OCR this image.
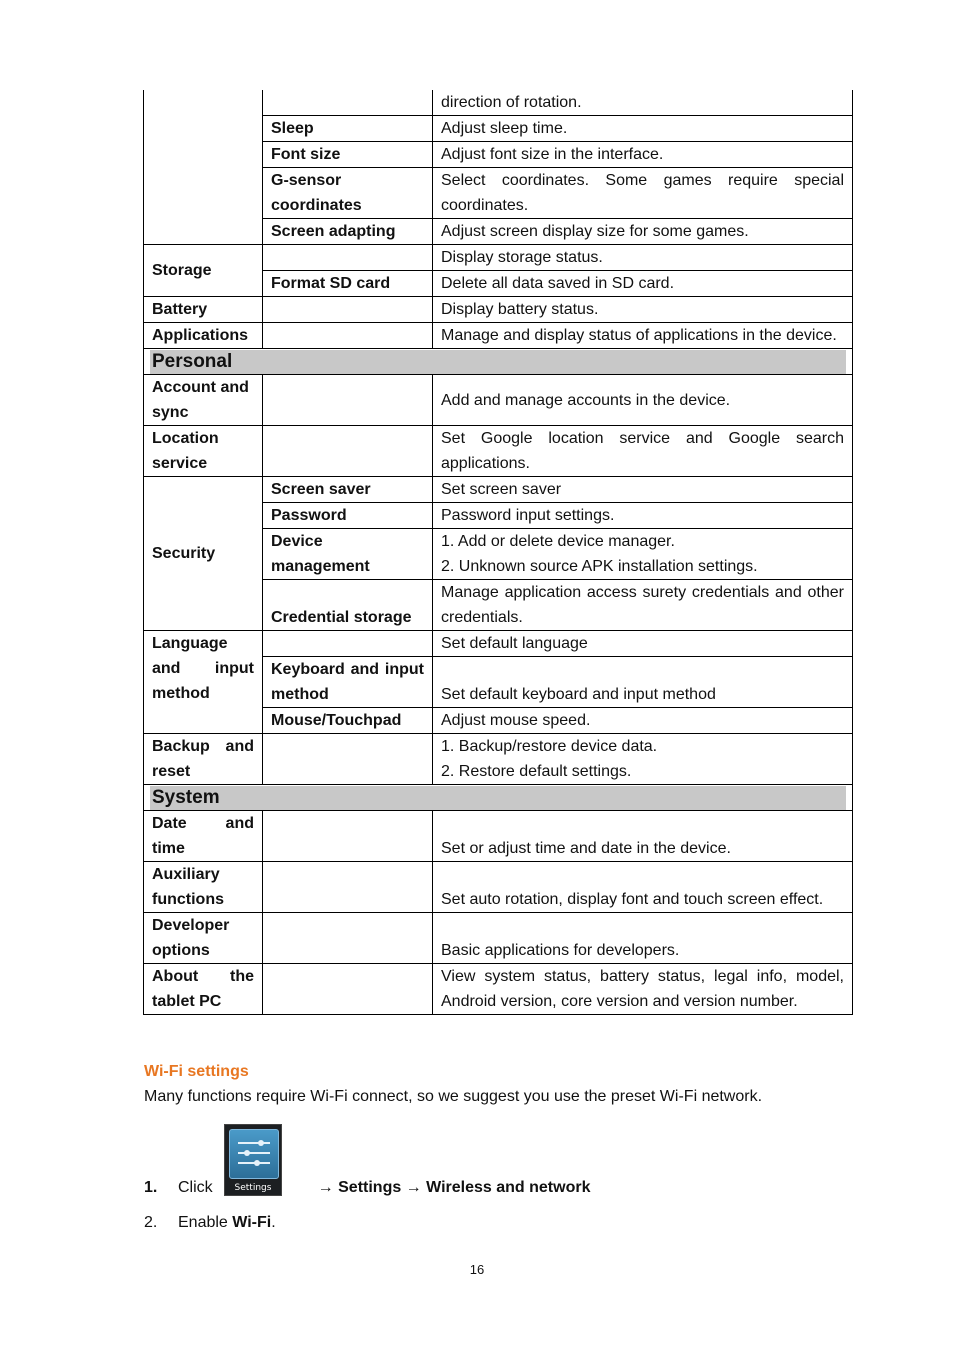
		direction of rotation.
	Sleep	Adjust sleep time.
	Font size	Adjust font size in the interface.
	G-sensor coordinates	Select coordinates. Some games require special coordinates.
	Screen adapting	Adjust screen display size for some games.
Storage		Display storage status.
	Format SD card	Delete all data saved in SD card.
Battery		Display battery status.
Applications		Manage and display status of applications in the device.

Personal		

Account and sync		Add and manage accounts in the device.
Location service		Set Google location service and Google search applications.
Security	Screen saver	Set screen saver
	Password	Password input settings.
	Device management	1. Add or delete device manager.
2. Unknown source APK installation settings.

	Credential storage	Manage application access surety credentials and other credentials.

Language and input method		Set default language
	Keyboard and input method	Set default keyboard and input method
	Mouse/Touchpad	Adjust mouse speed.
Backup and reset		1. Backup/restore device data.
2. Restore default settings.

System		

Date and time		Set or adjust time and date in the device.
Auxiliary functions		Set auto rotation, display font and touch screen effect.
Developer options		Basic applications for developers.
About the tablet PC		View system status, battery status, legal info, model, Android version, core version and version number.
Wi-Fi settings
Many functions require Wi-Fi connect, so we suggest you use the preset Wi-Fi network.
Settings
1. Click	→ Settings → Wireless and network
2. Enable Wi-Fi.
16
